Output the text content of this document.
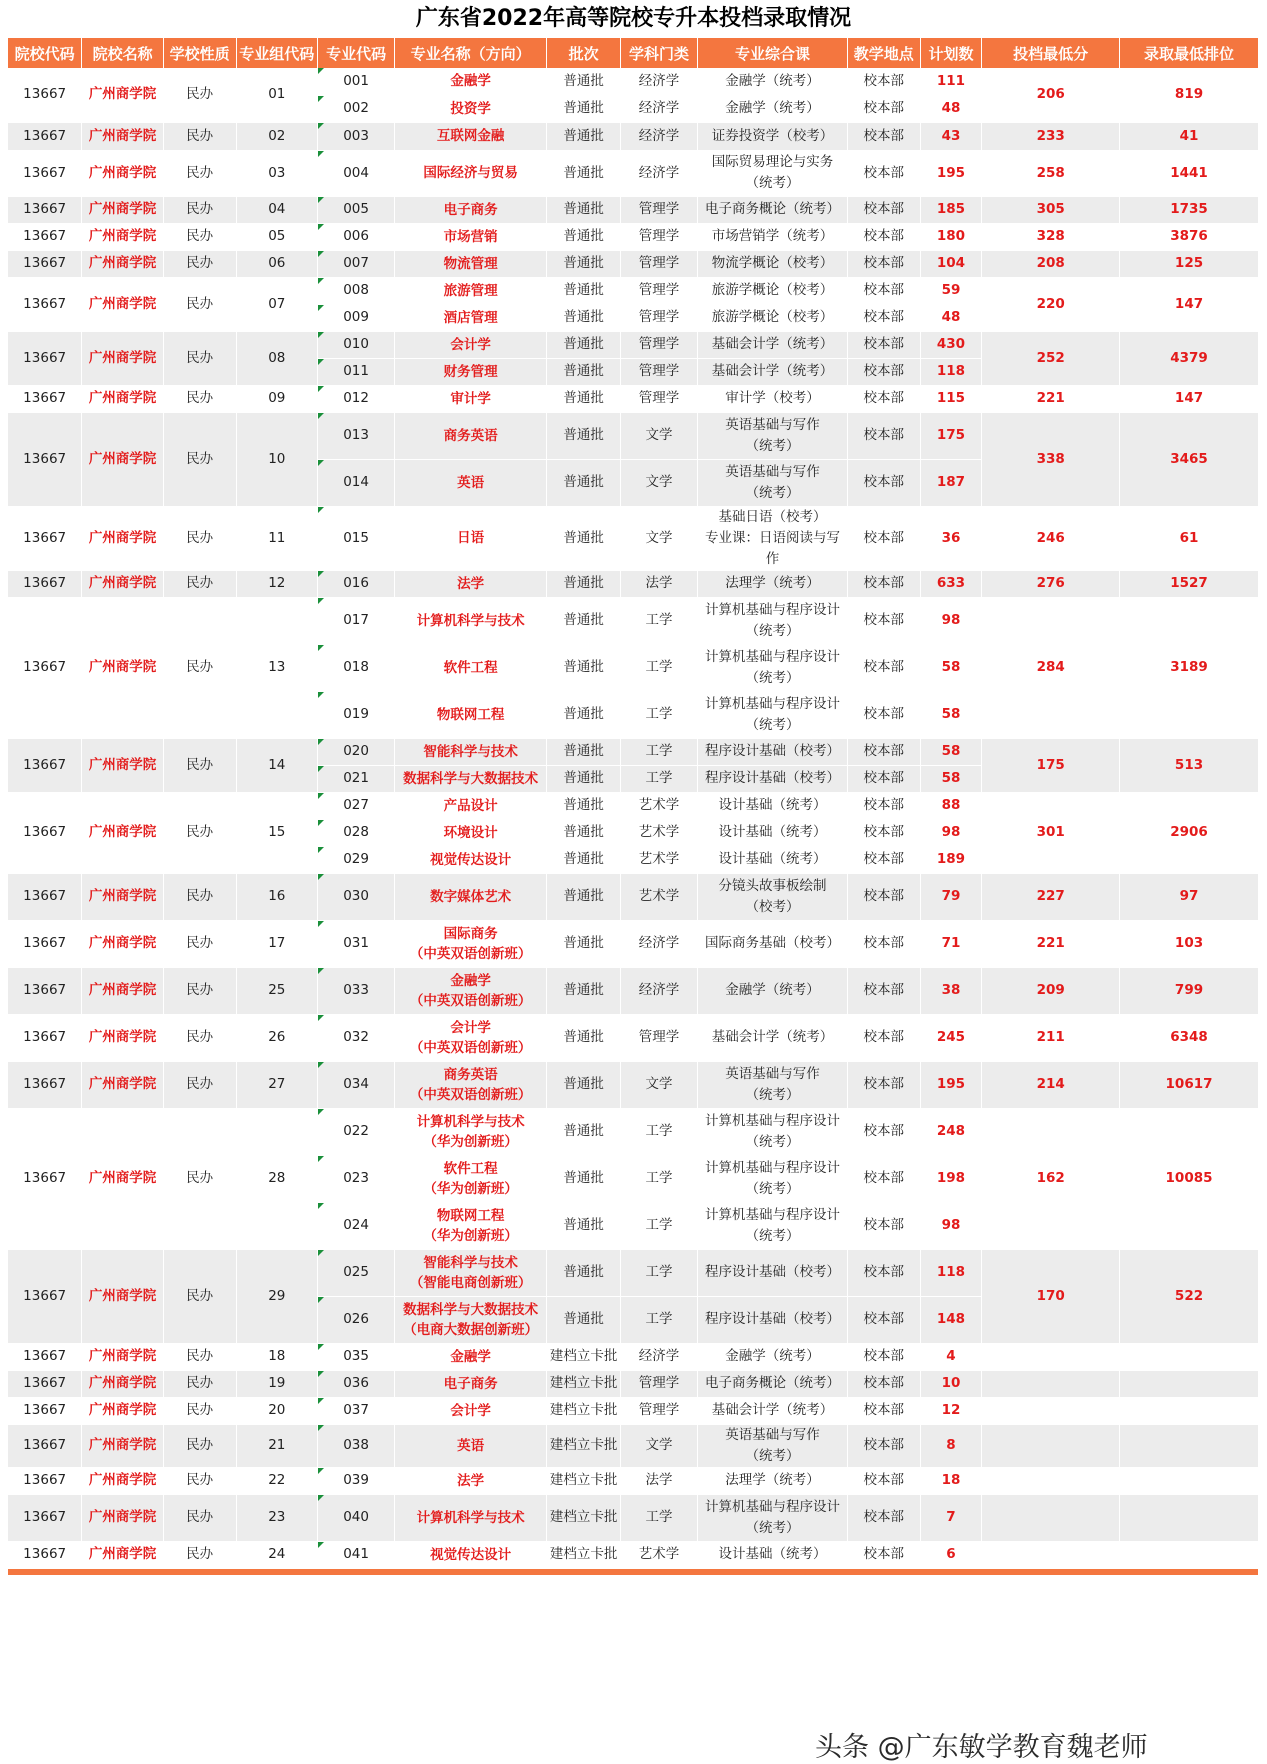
广东省2022年高等院校专升本投档录取情况
院校代码	院校名称	学校性质	专业组代码	专业代码	专业名称（方向）	批次	学科门类	专业综合课	教学地点	计划数	投档最低分	录取最低排位
13667	广州商学院	民办	01	001	金融学	普通批	经济学	金融学（统考）	校本部	111	206	819
				002	投资学	普通批	经济学	金融学（统考）	校本部	48		
13667	广州商学院	民办	02	003	互联网金融	普通批	经济学	证券投资学（校考）	校本部	43	233	41
13667	广州商学院	民办	03	004	国际经济与贸易	普通批	经济学	国际贸易理论与实务
（统考）	校本部	195	258	1441
13667	广州商学院	民办	04	005	电子商务	普通批	管理学	电子商务概论（统考）	校本部	185	305	1735
13667	广州商学院	民办	05	006	市场营销	普通批	管理学	市场营销学（统考）	校本部	180	328	3876
13667	广州商学院	民办	06	007	物流管理	普通批	管理学	物流学概论（校考）	校本部	104	208	125
13667	广州商学院	民办	07	008	旅游管理	普通批	管理学	旅游学概论（校考）	校本部	59	220	147
				009	酒店管理	普通批	管理学	旅游学概论（校考）	校本部	48		
13667	广州商学院	民办	08	010	会计学	普通批	管理学	基础会计学（统考）	校本部	430	252	4379
				011	财务管理	普通批	管理学	基础会计学（统考）	校本部	118		
13667	广州商学院	民办	09	012	审计学	普通批	管理学	审计学（校考）	校本部	115	221	147
13667	广州商学院	民办	10	013	商务英语	普通批	文学	英语基础与写作
（统考）	校本部	175	338	3465
				014	英语	普通批	文学	英语基础与写作
（统考）	校本部	187		
13667	广州商学院	民办	11	015	日语	普通批	文学	基础日语（校考）
专业课：日语阅读与写作	校本部	36	246	61
13667	广州商学院	民办	12	016	法学	普通批	法学	法理学（统考）	校本部	633	276	1527
13667	广州商学院	民办	13	017	计算机科学与技术	普通批	工学	计算机基础与程序设计
（统考）	校本部	98	284	3189
				018	软件工程	普通批	工学	计算机基础与程序设计
（统考）	校本部	58		
				019	物联网工程	普通批	工学	计算机基础与程序设计
（统考）	校本部	58		
13667	广州商学院	民办	14	020	智能科学与技术	普通批	工学	程序设计基础（校考）	校本部	58	175	513
				021	数据科学与大数据技术	普通批	工学	程序设计基础（校考）	校本部	58		
13667	广州商学院	民办	15	027	产品设计	普通批	艺术学	设计基础（统考）	校本部	88	301	2906
				028	环境设计	普通批	艺术学	设计基础（统考）	校本部	98		
				029	视觉传达设计	普通批	艺术学	设计基础（统考）	校本部	189		
13667	广州商学院	民办	16	030	数字媒体艺术	普通批	艺术学	分镜头故事板绘制
（校考）	校本部	79	227	97
13667	广州商学院	民办	17	031	国际商务
（中英双语创新班）	普通批	经济学	国际商务基础（校考）	校本部	71	221	103
13667	广州商学院	民办	25	033	金融学
（中英双语创新班）	普通批	经济学	金融学（统考）	校本部	38	209	799
13667	广州商学院	民办	26	032	会计学
（中英双语创新班）	普通批	管理学	基础会计学（统考）	校本部	245	211	6348
13667	广州商学院	民办	27	034	商务英语
（中英双语创新班）	普通批	文学	英语基础与写作
（统考）	校本部	195	214	10617
13667	广州商学院	民办	28	022	计算机科学与技术
（华为创新班）	普通批	工学	计算机基础与程序设计
（统考）	校本部	248	162	10085
				023	软件工程
（华为创新班）	普通批	工学	计算机基础与程序设计
（统考）	校本部	198		
				024	物联网工程
（华为创新班）	普通批	工学	计算机基础与程序设计
（统考）	校本部	98		
13667	广州商学院	民办	29	025	智能科学与技术
（智能电商创新班）	普通批	工学	程序设计基础（校考）	校本部	118	170	522
				026	数据科学与大数据技术
（电商大数据创新班）	普通批	工学	程序设计基础（校考）	校本部	148		
13667	广州商学院	民办	18	035	金融学	建档立卡批	经济学	金融学（统考）	校本部	4		
13667	广州商学院	民办	19	036	电子商务	建档立卡批	管理学	电子商务概论（统考）	校本部	10		
13667	广州商学院	民办	20	037	会计学	建档立卡批	管理学	基础会计学（统考）	校本部	12		
13667	广州商学院	民办	21	038	英语	建档立卡批	文学	英语基础与写作
（统考）	校本部	8		
13667	广州商学院	民办	22	039	法学	建档立卡批	法学	法理学（统考）	校本部	18		
13667	广州商学院	民办	23	040	计算机科学与技术	建档立卡批	工学	计算机基础与程序设计
（统考）	校本部	7		
13667	广州商学院	民办	24	041	视觉传达设计	建档立卡批	艺术学	设计基础（统考）	校本部	6		

头条 @广东敏学教育魏老师
